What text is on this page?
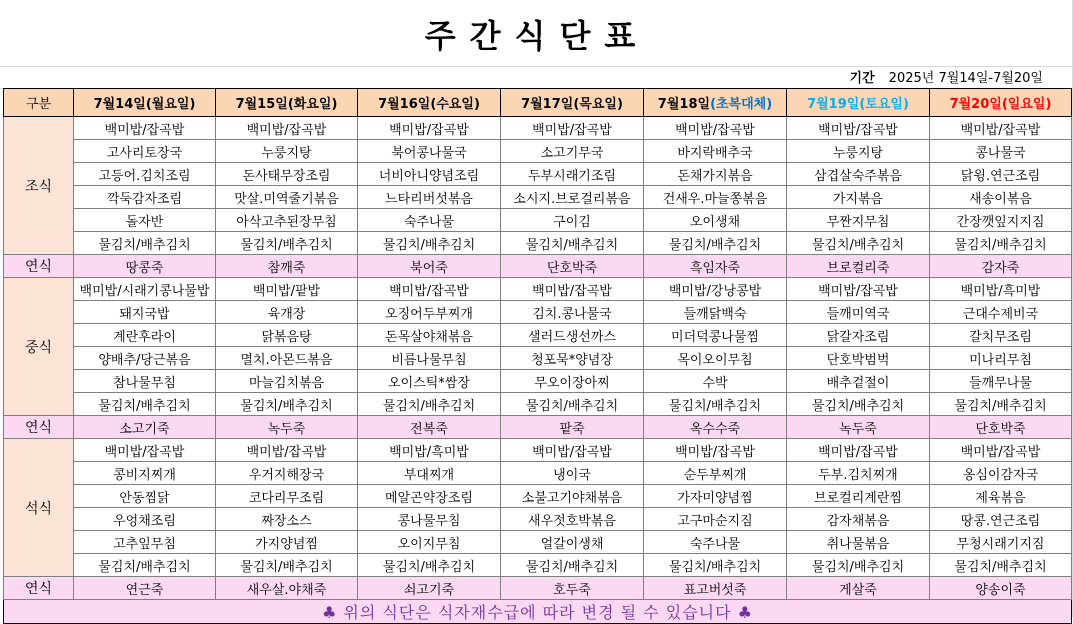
주간식단표
기간 2025년 7월14일-7월20일
구분	7월14일(월요일)	7월15일(화요일)	7월16일(수요일)	7월17일(목요일)	7월18일(초복대체)	7월19일(토요일)	7월20일(일요일)
조식	백미밥/잡곡밥	백미밥/잡곡밥	백미밥/잡곡밥	백미밥/잡곡밥	백미밥/잡곡밥	백미밥/잡곡밥	백미밥/잡곡밥
	고사리토장국	누룽지탕	북어콩나물국	소고기무국	바지락배추국	누룽지탕	콩나물국
	고등어.김치조림	돈사태무장조림	너비아니양념조림	두부시래기조림	돈채가지볶음	삼겹살숙주볶음	닭윙.연근조림
	깍둑감자조림	맛살.미역줄기볶음	느타리버섯볶음	소시지.브로걸리볶음	건새우.마늘쫑볶음	가지볶음	새송이볶음
	돌자반	아삭고추된장무침	숙주나물	구이김	오이생채	무짠지무침	간장깻잎지지짐
	물김치/배추김치	물김치/배추김치	물김치/배추김치	물김치/배추김치	물김치/배추김치	물김치/배추김치	물김치/배추김치
연식	땅콩죽	참깨죽	북어죽	단호박죽	흑임자죽	브로컬리죽	감자죽
중식	백미밥/시래기콩나물밥	백미밥/팥밥	백미밥/잡곡밥	백미밥/잡곡밥	백미밥/강낭콩밥	백미밥/잡곡밥	백미밥/흑미밥
	돼지국밥	육개장	오징어두부찌개	김치.콩나물국	들깨닭백숙	들깨미역국	근대수제비국
	계란후라이	닭볶음탕	돈목살야채볶음	샐러드생선까스	미더덕콩나물찜	닭갈자조림	갈치무조림
	양배추/당근볶음	멸치.아몬드볶음	비름나물무침	청포묵*양념장	목이오이무침	단호박범벅	미나리무침
	참나물무침	마늘김치볶음	오이스틱*쌈장	무오이장아찌	수박	배추겉절이	들깨무나물
	물김치/배추김치	물김치/배추김치	물김치/배추김치	물김치/배추김치	물김치/배추김치	물김치/배추김치	물김치/배추김치
연식	소고기죽	녹두죽	전복죽	팥죽	옥수수죽	녹두죽	단호박죽
석식	백미밥/잡곡밥	백미밥/잡곡밥	백미밥/흑미밥	백미밥/잡곡밥	백미밥/잡곡밥	백미밥/잡곡밥	백미밥/잡곡밥
	콩비지찌개	우거지해장국	부대찌개	냉이국	순두부찌개	두부.김치찌개	옹심이감자국
	안동찜닭	코다리무조림	메알곤약장조림	소불고기야채볶음	가자미양념찜	브로컬리계란찜	제육볶음
	우엉채조림	짜장소스	콩나물무침	새우젓호박볶음	고구마순지짐	감자채볶음	땅콩.연근조림
	고추잎무침	가지양념찜	오이지무침	얼갈이생채	숙주나물	취나물볶음	무청시래기지짐
	물김치/배추김치	물김치/배추김치	물김치/배추김치	물김치/배추김치	물김치/배추김치	물김치/배추김치	물김치/배추김치
연식	연근죽	새우살.야채죽	쇠고기죽	호두죽	표고버섯죽	게살죽	양송이죽
♣ 위의 식단은 식자재수급에 따라 변경 될 수 있습니다 ♣							
